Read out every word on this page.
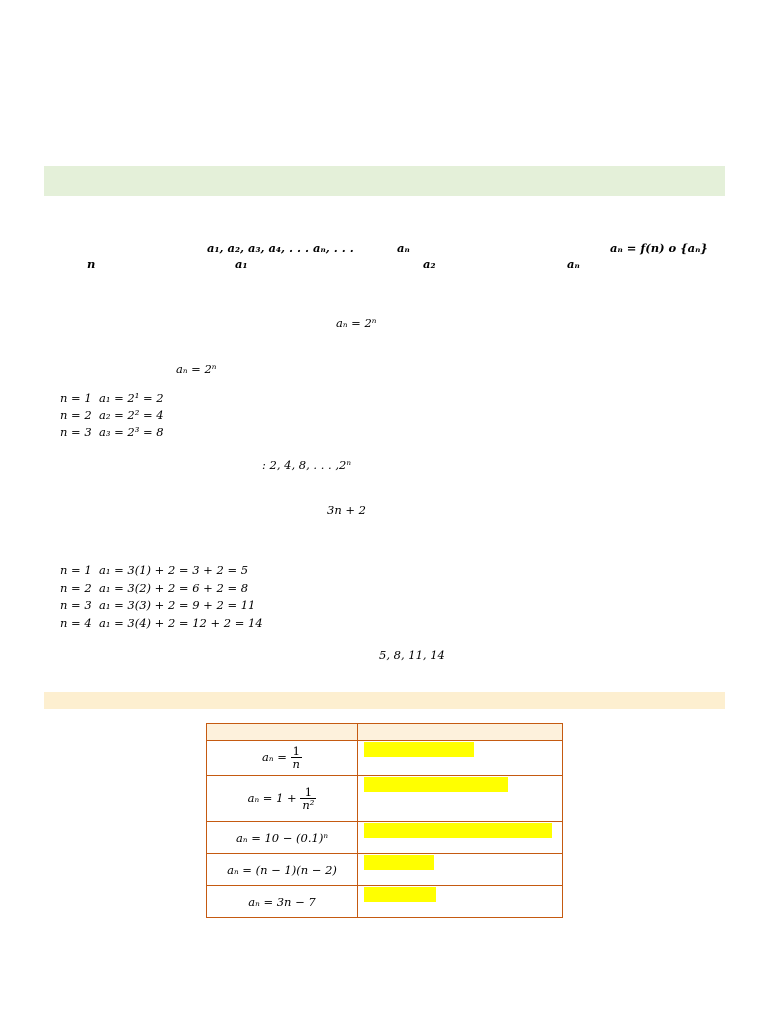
a₁, a₂, a₃, a₄, . . . aₙ, . . .	aₙ	aₙ = f(n) o {aₙ}
n	a₁	a₂	aₙ
aₙ = 2ⁿ
aₙ = 2ⁿ
n = 1 a₁ = 2¹ = 2
n = 2 a₂ = 2² = 4
n = 3 a₃ = 2³ = 8
: 2, 4, 8, . . . ,2ⁿ
3n + 2
n = 1 a₁ = 3(1) + 2 = 3 + 2 = 5
n = 2 a₁ = 3(2) + 2 = 6 + 2 = 8
n = 3 a₁ = 3(3) + 2 = 9 + 2 = 11
n = 4 a₁ = 3(4) + 2 = 12 + 2 = 14
5, 8, 11, 14

$a_n = \frac{1}{n}$

$a_n = 1 + \frac{1}{\text{n²}}$

aₙ = 10 − (0.1)ⁿ	

aₙ = (n − 1)(n − 2)	

aₙ = 3n − 7	
